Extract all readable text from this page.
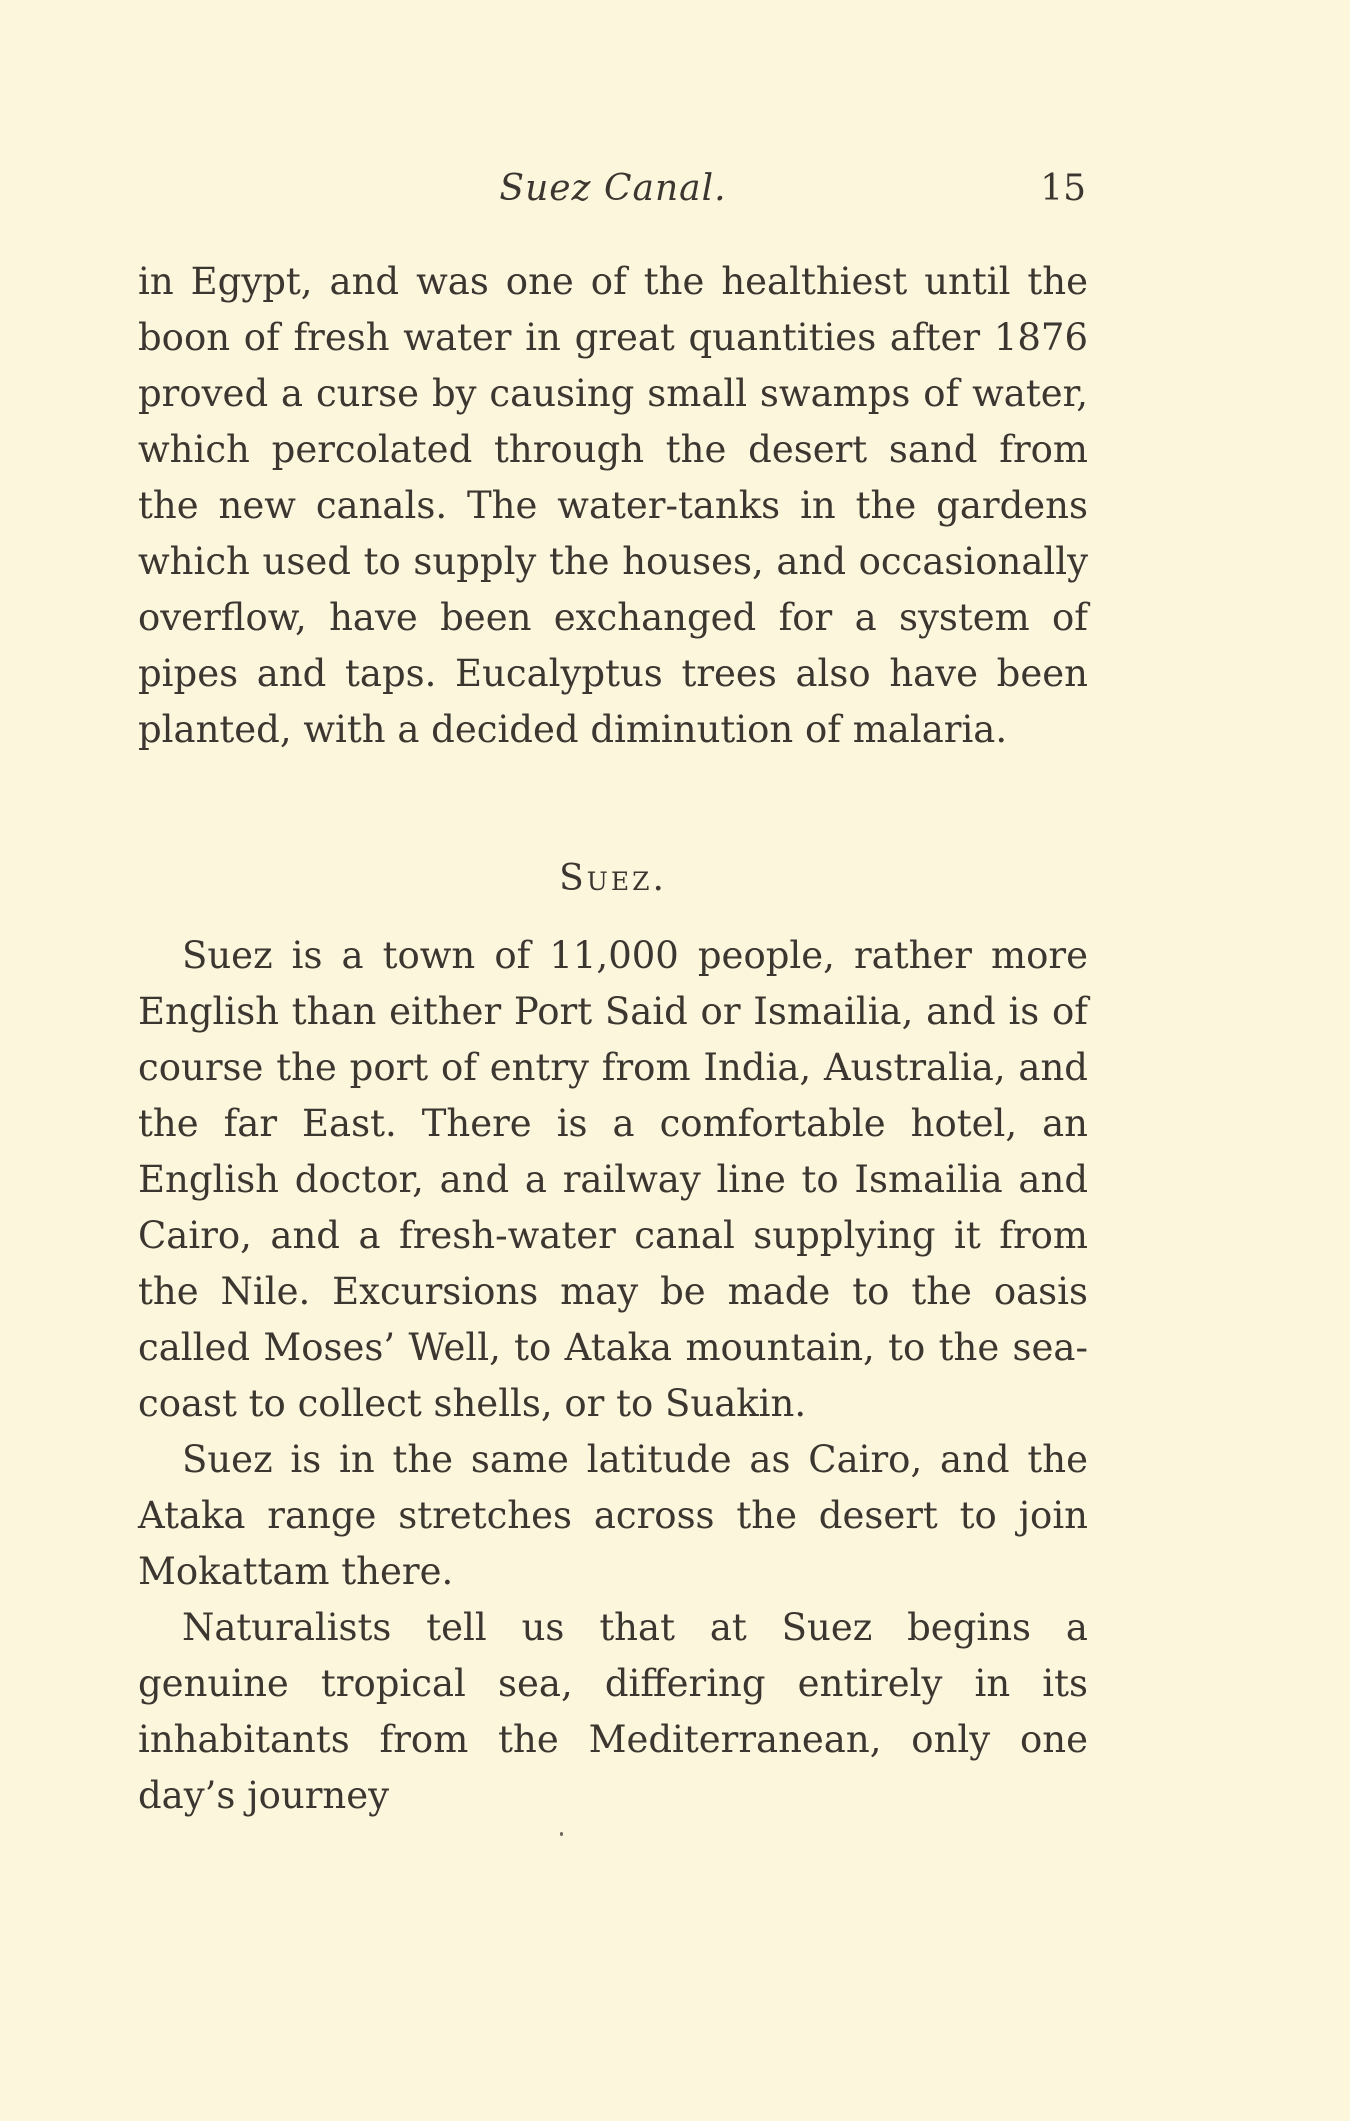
Suez Canal.	15

in Egypt, and was one of the healthiest until the boon of fresh water in great quantities after 1876 proved a curse by causing small swamps of water, which percolated through the desert sand from the new canals. The water-tanks in the gardens which used to supply the houses, and occasionally overflow, have been exchanged for a system of pipes and taps. Eucalyptus trees also have been planted, with a decided diminution of malaria.

Suez.

Suez is a town of 11,000 people, rather more English than either Port Said or Ismailia, and is of course the port of entry from India, Australia, and the far East. There is a comfortable hotel, an English doctor, and a railway line to Ismailia and Cairo, and a fresh-water canal supplying it from the Nile. Excursions may be made to the oasis called Moses’ Well, to Ataka mountain, to the sea-coast to collect shells, or to Suakin.

Suez is in the same latitude as Cairo, and the Ataka range stretches across the desert to join Mokattam there.

Naturalists tell us that at Suez begins a genuine tropical sea, differing entirely in its inhabitants from the Mediterranean, only one day’s journey
